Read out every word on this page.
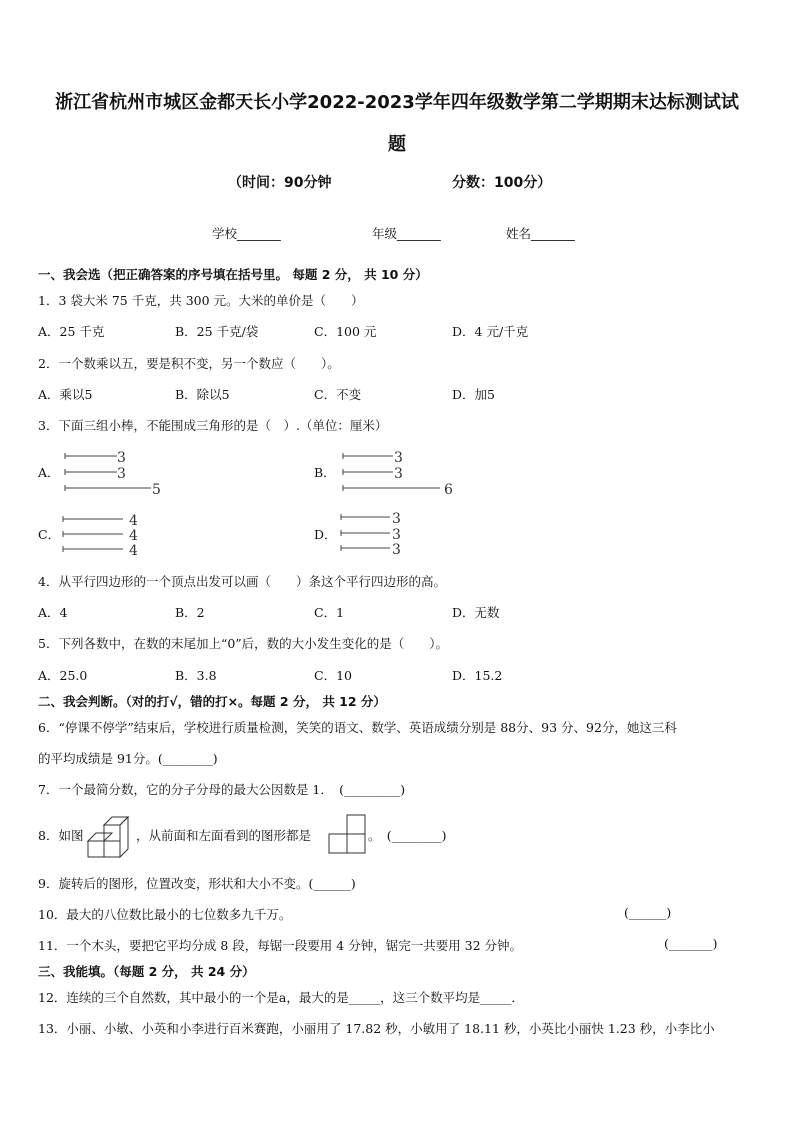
浙江省杭州市城区金都天长小学2022-2023学年四年级数学第二学期期末达标测试试
题
（时间：90分钟	分数：100分）
学校_______	年级_______	姓名_______
一、我会选（把正确答案的序号填在括号里。 每题 2 分， 共 10 分）
1．3 袋大米 75 千克，共 300 元。大米的单价是（　　）
A．25 千克	B．25 千克/袋	C．100 元	D．4 元/千克
2．一个数乘以五，要是积不变，另一个数应（　　）。
A．乘以5	B．除以5	C．不变	D．加5
3．下面三组小棒，不能围成三角形的是（　）.（单位：厘米）
A．	B．
C．	D．
3
3
5
3
3
6
4
4
4
3
3
3
4．从平行四边形的一个顶点出发可以画（　　）条这个平行四边形的高。
A．4	B．2	C．1	D．无数
5．下列各数中，在数的末尾加上“0”后，数的大小发生变化的是（　　）。
A．25.0	B．3.8	C．10	D．15.2
二、我会判断。（对的打√，错的打×。每题 2 分， 共 12 分）
6．“停课不停学”结束后，学校进行质量检测，笑笑的语文、数学、英语成绩分别是 88分、93 分、92分，她这三科
的平均成绩是 91分。(________)
7．一个最简分数，它的分子分母的最大公因数是 1．　(_________)
8．如图	，从前面和左面看到的图形都是	。　(________)
9．旋转后的图形，位置改变，形状和大小不变。(______)
10．最大的八位数比最小的七位数多九千万。	(______)
11．一个木头，要把它平均分成 8 段，每锯一段要用 4 分钟，锯完一共要用 32 分钟。	(_______)
三、我能填。（每题 2 分， 共 24 分）
12．连续的三个自然数，其中最小的一个是a，最大的是_____，这三个数平均是_____．
13．小丽、小敏、小英和小李进行百米赛跑，小丽用了 17.82 秒，小敏用了 18.11 秒，小英比小丽快 1.23 秒，小李比小
